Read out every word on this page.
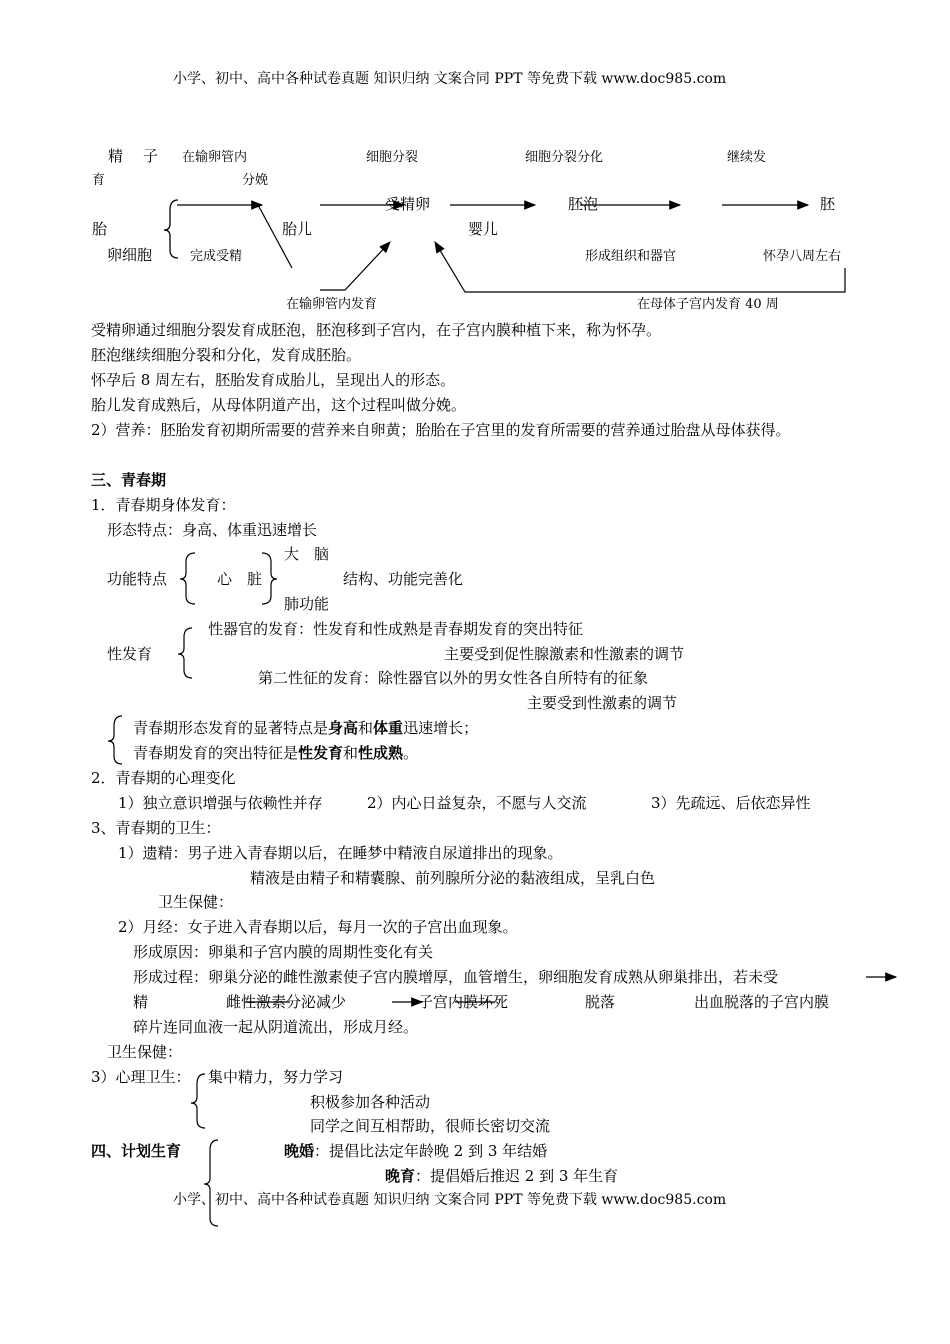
小学、初中、高中各种试卷真题 知识归纳 文案合同 PPT 等免费下载 www.doc985.com
精 子 在输卵管内	细胞分裂	细胞分裂分化	继续发
育	分娩
受精卵	胚泡	胚
胎	胎儿	婴儿
卵细胞	完成受精	形成组织和器官	怀孕八周左右
在输卵管内发育	在母体子宫内发育 40 周
受精卵通过细胞分裂发育成胚泡，胚泡移到子宫内，在子宫内膜种植下来，称为怀孕。
胚泡继续细胞分裂和分化，发育成胚胎。
怀孕后 8 周左右，胚胎发育成胎儿，呈现出人的形态。
胎儿发育成熟后，从母体阴道产出，这个过程叫做分娩。
2）营养：胚胎发育初期所需要的营养来自卵黄；胎胎在子宫里的发育所需要的营养通过胎盘从母体获得。
三、青春期
1．青春期身体发育：
形态特点：身高、体重迅速增长
大　脑
功能特点	心　脏	结构、功能完善化
肺功能
性器官的发育：性发育和性成熟是青春期发育的突出特征
性发育	主要受到促性腺激素和性激素的调节
第二性征的发育：除性器官以外的男女性各自所特有的征象
主要受到性激素的调节
青春期形态发育的显著特点是身高和体重迅速增长；
青春期发育的突出特征是性发育和性成熟。
2．青春期的心理变化
1）独立意识增强与依赖性并存	2）内心日益复杂，不愿与人交流	3）先疏远、后依恋异性
3、青春期的卫生：
1）遗精：男子进入青春期以后，在睡梦中精液自尿道排出的现象。
精液是由精子和精囊腺、前列腺所分泌的黏液组成，呈乳白色
卫生保健：
2）月经：女子进入青春期以后，每月一次的子宫出血现象。
形成原因：卵巢和子宫内膜的周期性变化有关
形成过程：卵巢分泌的雌性激素使子宫内膜增厚，血管增生，卵细胞发育成熟从卵巢排出，若未受
精	雌性激素分泌减少	子宫内膜坏死	脱落	出血脱落的子宫内膜
碎片连同血液一起从阴道流出，形成月经。
卫生保健：
3）心理卫生： 集中精力，努力学习
积极参加各种活动
同学之间互相帮助，很师长密切交流
四、计划生育	晚婚：提倡比法定年龄晚 2 到 3 年结婚
晚育：提倡婚后推迟 2 到 3 年生育
小学、初中、高中各种试卷真题 知识归纳 文案合同 PPT 等免费下载 www.doc985.com
